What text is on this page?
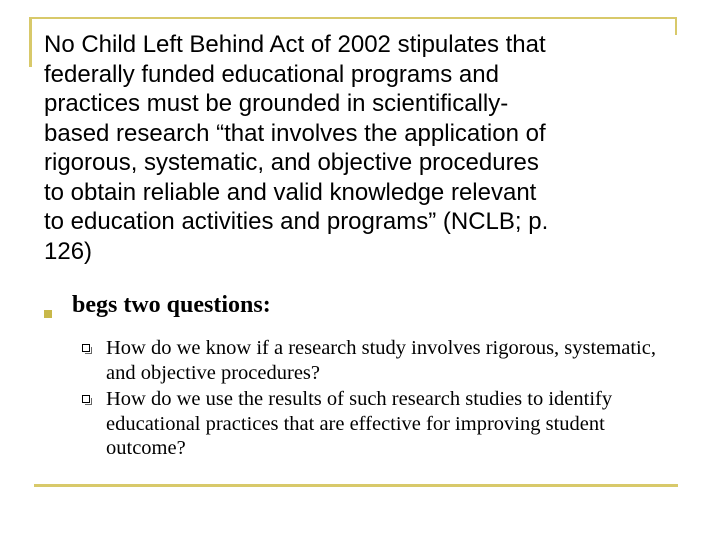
No Child Left Behind Act of 2002 stipulates that
federally funded educational programs and
practices must be grounded in scientifically-
based research “that involves the application of
rigorous, systematic, and objective procedures
to obtain reliable and valid knowledge relevant
to education activities and programs” (NCLB; p.
126)

begs two questions:

How do we know if a research study involves rigorous, systematic, and objective procedures?

How do we use the results of such research studies to identify educational practices that are effective for improving student outcome?
